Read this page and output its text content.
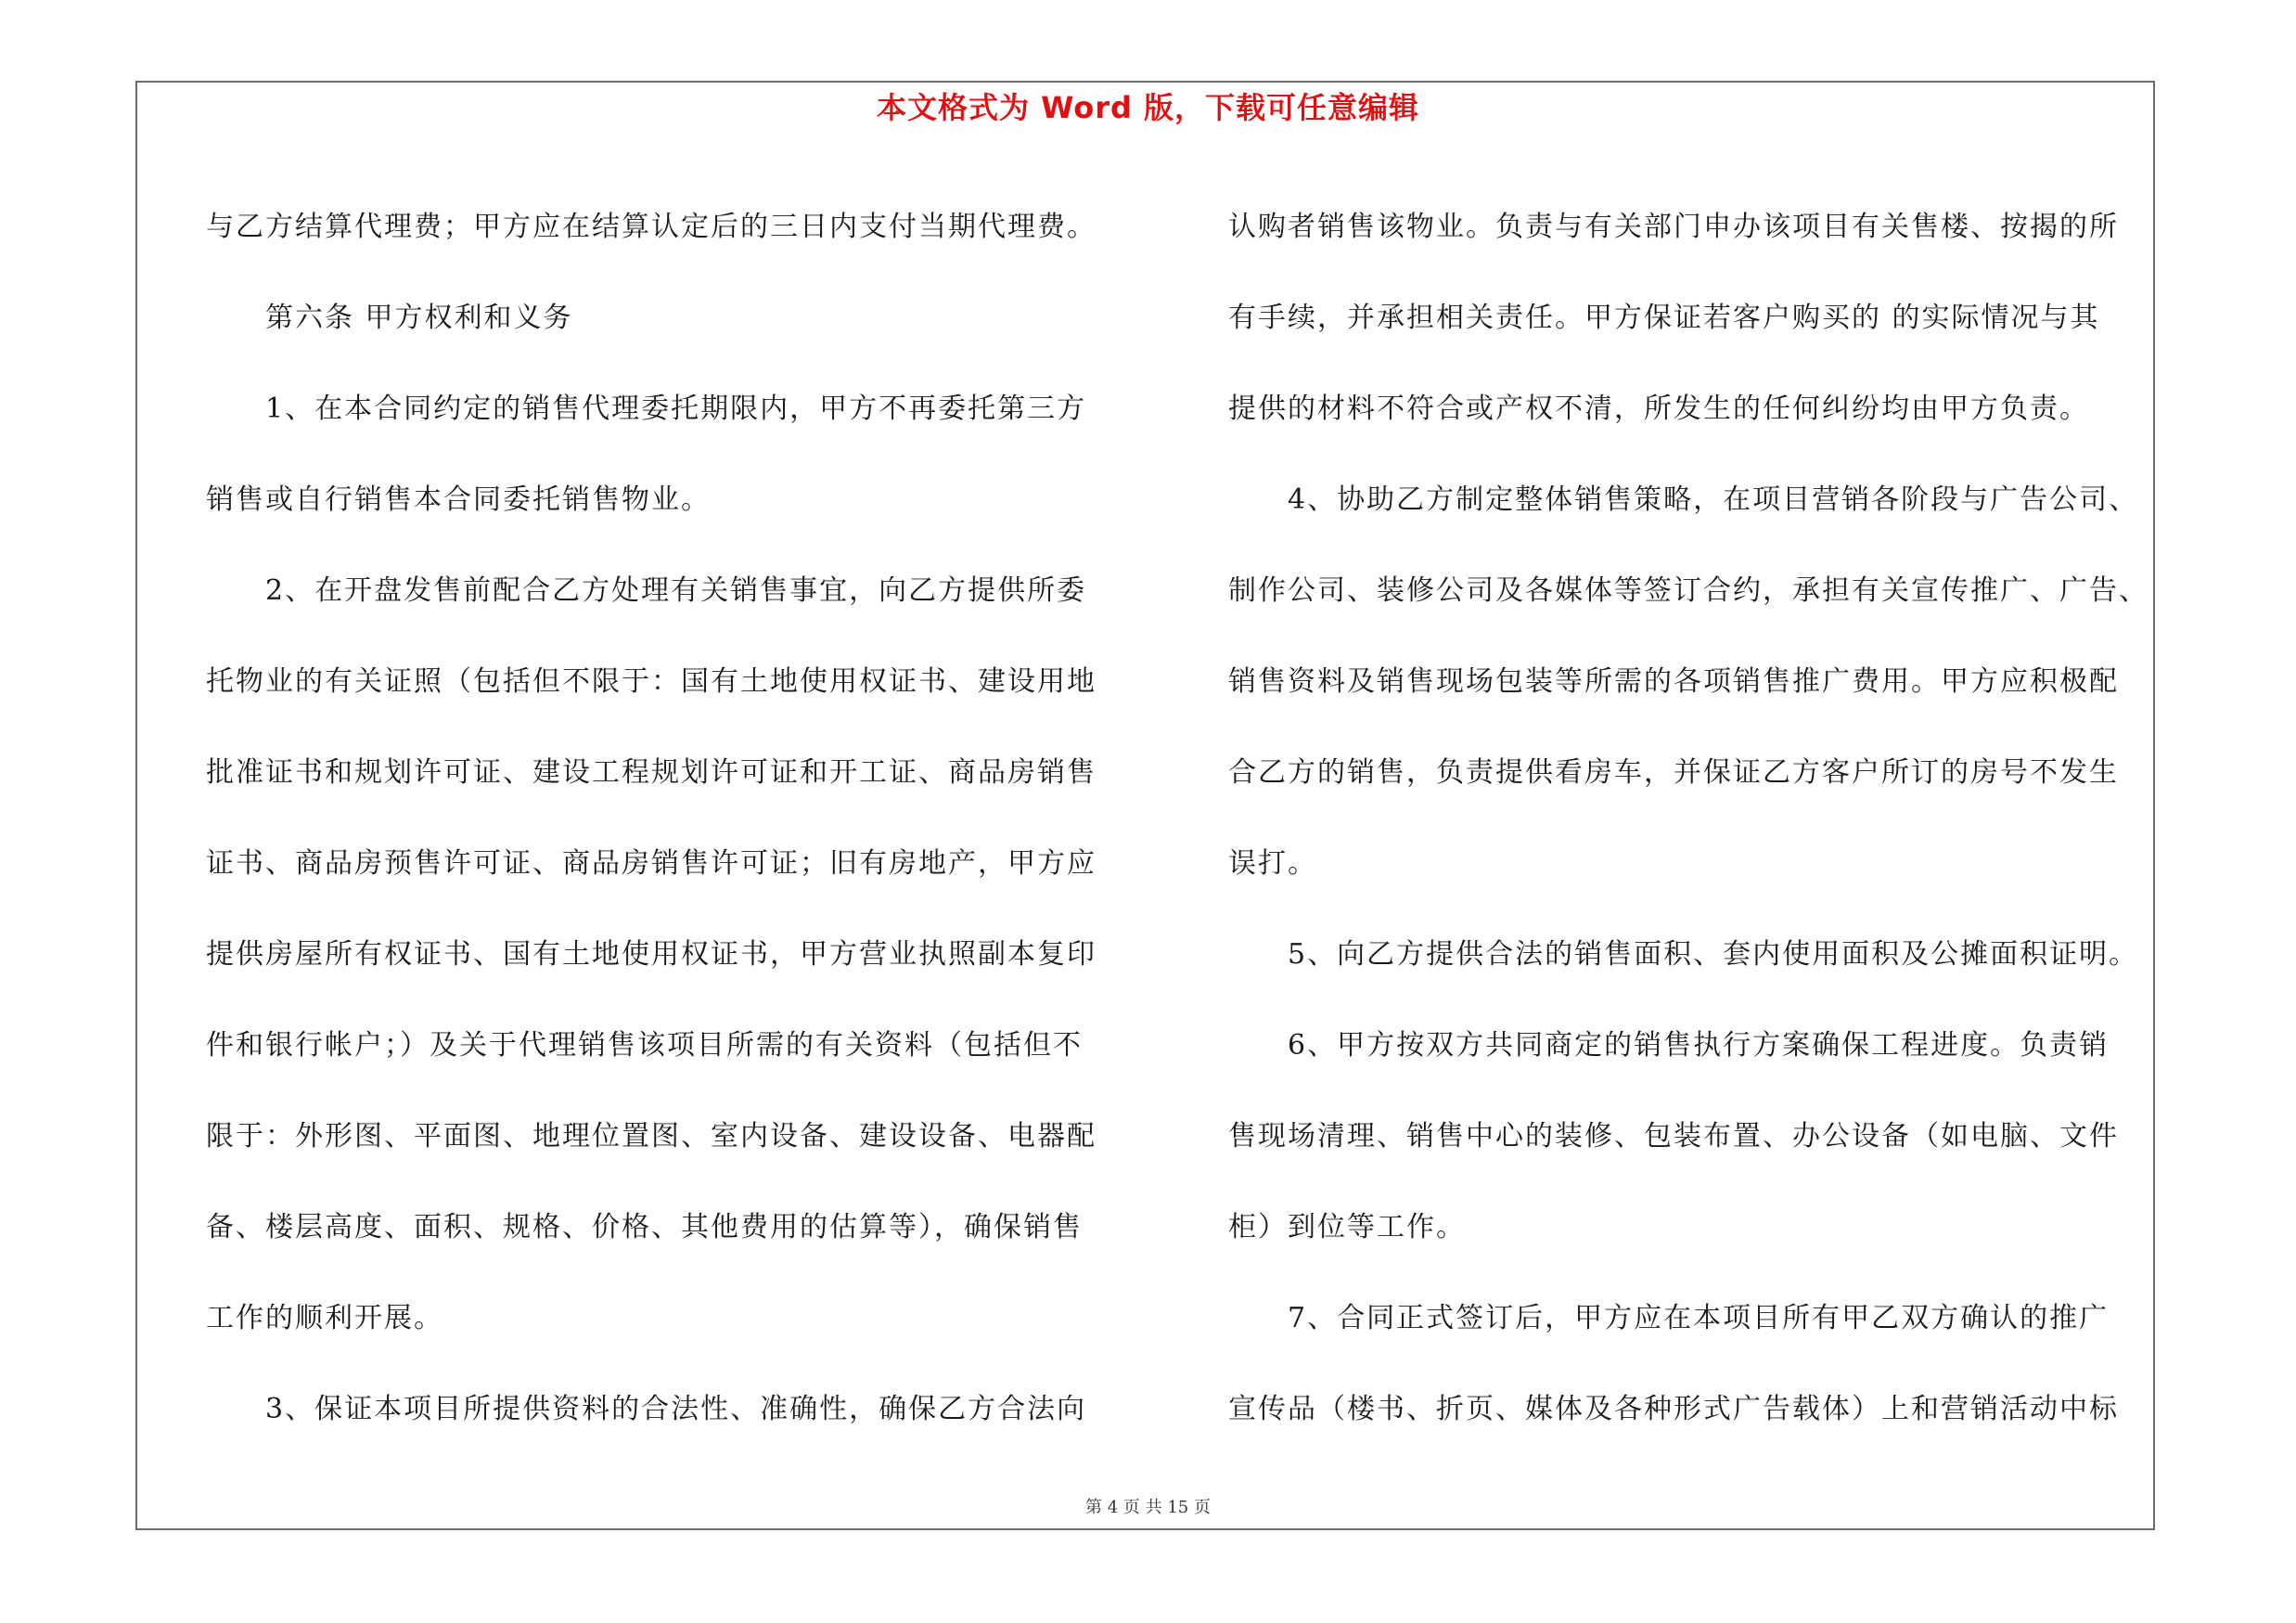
本文格式为 Word 版，下载可任意编辑
与乙方结算代理费；甲方应在结算认定后的三日内支付当期代理费。
　　第六条 甲方权利和义务
　　1、在本合同约定的销售代理委托期限内，甲方不再委托第三方
销售或自行销售本合同委托销售物业。
　　2、在开盘发售前配合乙方处理有关销售事宜，向乙方提供所委
托物业的有关证照（包括但不限于：国有土地使用权证书、建设用地
批准证书和规划许可证、建设工程规划许可证和开工证、商品房销售
证书、商品房预售许可证、商品房销售许可证；旧有房地产，甲方应
提供房屋所有权证书、国有土地使用权证书，甲方营业执照副本复印
件和银行帐户；）及关于代理销售该项目所需的有关资料（包括但不
限于：外形图、平面图、地理位置图、室内设备、建设设备、电器配
备、楼层高度、面积、规格、价格、其他费用的估算等），确保销售
工作的顺利开展。
　　3、保证本项目所提供资料的合法性、准确性，确保乙方合法向
认购者销售该物业。负责与有关部门申办该项目有关售楼、按揭的所
有手续，并承担相关责任。甲方保证若客户购买的 的实际情况与其
提供的材料不符合或产权不清，所发生的任何纠纷均由甲方负责。
　　4、协助乙方制定整体销售策略，在项目营销各阶段与广告公司、
制作公司、装修公司及各媒体等签订合约，承担有关宣传推广、广告、
销售资料及销售现场包装等所需的各项销售推广费用。甲方应积极配
合乙方的销售，负责提供看房车，并保证乙方客户所订的房号不发生
误打。
　　5、向乙方提供合法的销售面积、套内使用面积及公摊面积证明。
　　6、甲方按双方共同商定的销售执行方案确保工程进度。负责销
售现场清理、销售中心的装修、包装布置、办公设备（如电脑、文件
柜）到位等工作。
　　7、合同正式签订后，甲方应在本项目所有甲乙双方确认的推广
宣传品（楼书、折页、媒体及各种形式广告载体）上和营销活动中标
第 4 页 共 15 页
